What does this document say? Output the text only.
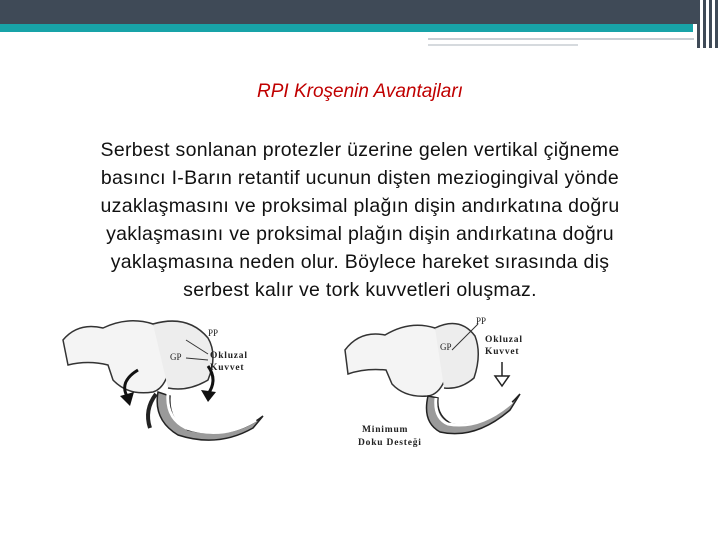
RPI Kroşenin Avantajları
Serbest sonlanan protezler üzerine gelen vertikal çiğneme
basıncı I-Barın retantif ucunun dişten meziogingival yönde
uzaklaşmasını ve proksimal plağın dişin andırkatına doğru
yaklaşmasını ve proksimal plağın dişin andırkatına doğru
yaklaşmasına neden olur. Böylece hareket sırasında diş
serbest kalır ve tork kuvvetleri oluşmaz.
PP
GP	Okluzal
Kuvvet
PP
GP
Okluzal
Kuvvet
Minimum
Doku Desteği
